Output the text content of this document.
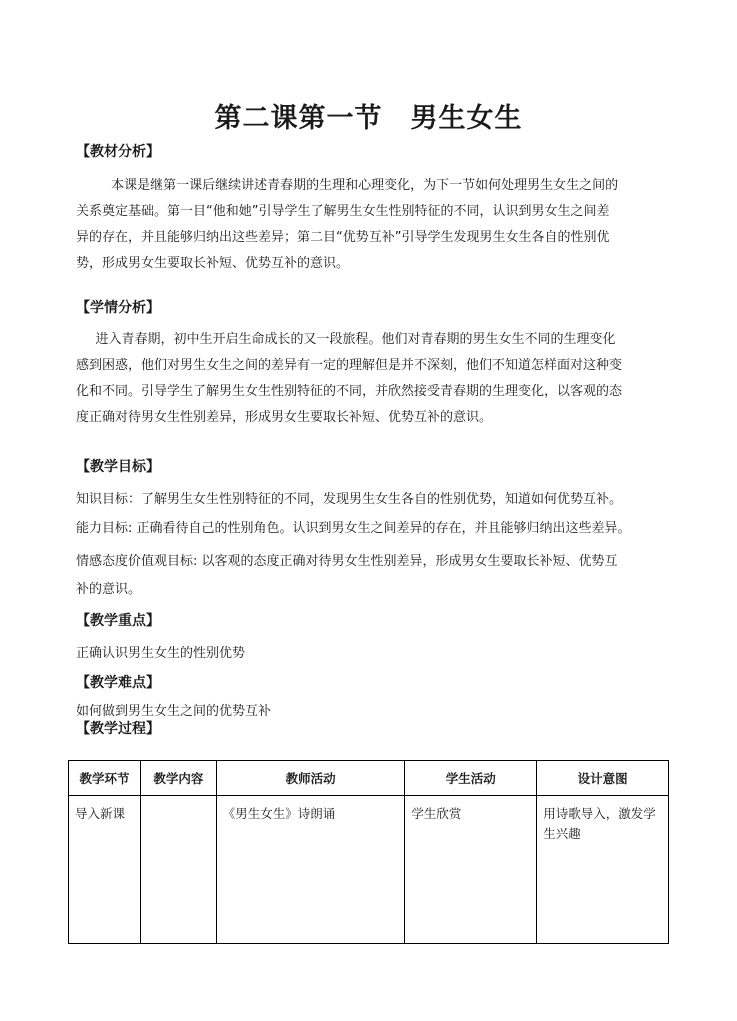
第二课第一节　男生女生
【教材分析】
本课是继第一课后继续讲述青春期的生理和心理变化，为下一节如何处理男生女生之间的
关系奠定基础。第一目“他和她”引导学生了解男生女生性别特征的不同，认识到男女生之间差
异的存在，并且能够归纳出这些差异；第二目“优势互补”引导学生发现男生女生各自的性别优
势，形成男女生要取长补短、优势互补的意识。
【学情分析】
进入青春期，初中生开启生命成长的又一段旅程。他们对青春期的男生女生不同的生理变化
感到困惑，他们对男生女生之间的差异有一定的理解但是并不深刻，他们不知道怎样面对这种变
化和不同。引导学生了解男生女生性别特征的不同，并欣然接受青春期的生理变化，以客观的态
度正确对待男女生性别差异，形成男女生要取长补短、优势互补的意识。
【教学目标】
知识目标：了解男生女生性别特征的不同，发现男生女生各自的性别优势，知道如何优势互补。
能力目标: 正确看待自己的性别角色。认识到男女生之间差异的存在，并且能够归纳出这些差异。
情感态度价值观目标: 以客观的态度正确对待男女生性别差异，形成男女生要取长补短、优势互
补的意识。
【教学重点】
正确认识男生女生的性别优势
【教学难点】
如何做到男生女生之间的优势互补
【教学过程】
教学环节	教学内容	教师活动	学生活动	设计意图
导入新课		《男生女生》诗朗诵	学生欣赏	用诗歌导入，激发学生兴趣
